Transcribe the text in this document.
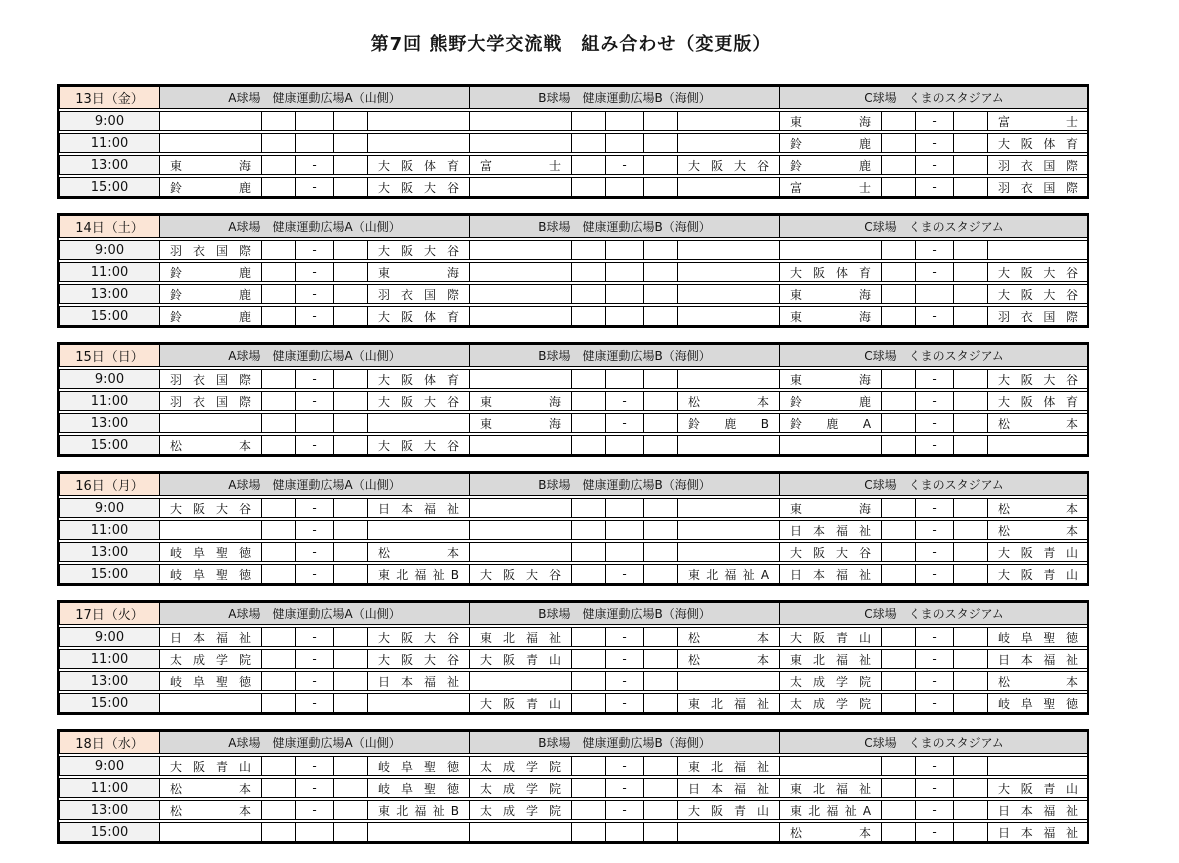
第7回 熊野大学交流戦　組み合わせ（変更版）
13日（金）	A球場　健康運動広場A（山側）					B球場　健康運動広場B（海側）					C球場　くまのスタジアム				
9:00											東海		-		富士
11:00											鈴鹿		-		大阪体育
13:00	東海		-		大阪体育	富士		-		大阪大谷	鈴鹿		-		羽衣国際
15:00	鈴鹿		-		大阪大谷						富士		-		羽衣国際
14日（土）	A球場　健康運動広場A（山側）					B球場　健康運動広場B（海側）					C球場　くまのスタジアム				
9:00	羽衣国際		-		大阪大谷								-		
11:00	鈴鹿		-		東海						大阪体育		-		大阪大谷
13:00	鈴鹿		-		羽衣国際						東海				大阪大谷
15:00	鈴鹿		-		大阪体育						東海		-		羽衣国際
15日（日）	A球場　健康運動広場A（山側）					B球場　健康運動広場B（海側）					C球場　くまのスタジアム				
9:00	羽衣国際		-		大阪体育						東海		-		大阪大谷
11:00	羽衣国際		-		大阪大谷	東海		-		松本	鈴鹿		-		大阪体育
13:00						東海		-		鈴鹿B	鈴鹿A		-		松本
15:00	松本		-		大阪大谷								-		
16日（月）	A球場　健康運動広場A（山側）					B球場　健康運動広場B（海側）					C球場　くまのスタジアム				
9:00	大阪大谷		-		日本福祉						東海		-		松本
11:00			-								日本福祉		-		松本
13:00	岐阜聖徳		-		松本						大阪大谷		-		大阪青山
15:00	岐阜聖徳		-		東北福祉B	大阪大谷		-		東北福祉A	日本福祉		-		大阪青山
17日（火）	A球場　健康運動広場A（山側）					B球場　健康運動広場B（海側）					C球場　くまのスタジアム				
9:00	日本福祉		-		大阪大谷	東北福祉		-		松本	大阪青山		-		岐阜聖徳
11:00	太成学院		-		大阪大谷	大阪青山		-		松本	東北福祉		-		日本福祉
13:00	岐阜聖徳		-		日本福祉			-			太成学院		-		松本
15:00			-			大阪青山		-		東北福祉	太成学院		-		岐阜聖徳
18日（水）	A球場　健康運動広場A（山側）					B球場　健康運動広場B（海側）					C球場　くまのスタジアム				
9:00	大阪青山		-		岐阜聖徳	太成学院		-		東北福祉			-		
11:00	松本		-		岐阜聖徳	太成学院		-		日本福祉	東北福祉		-		大阪青山
13:00	松本		-		東北福祉B	太成学院		-		大阪青山	東北福祉A		-		日本福祉
15:00											松本		-		日本福祉
